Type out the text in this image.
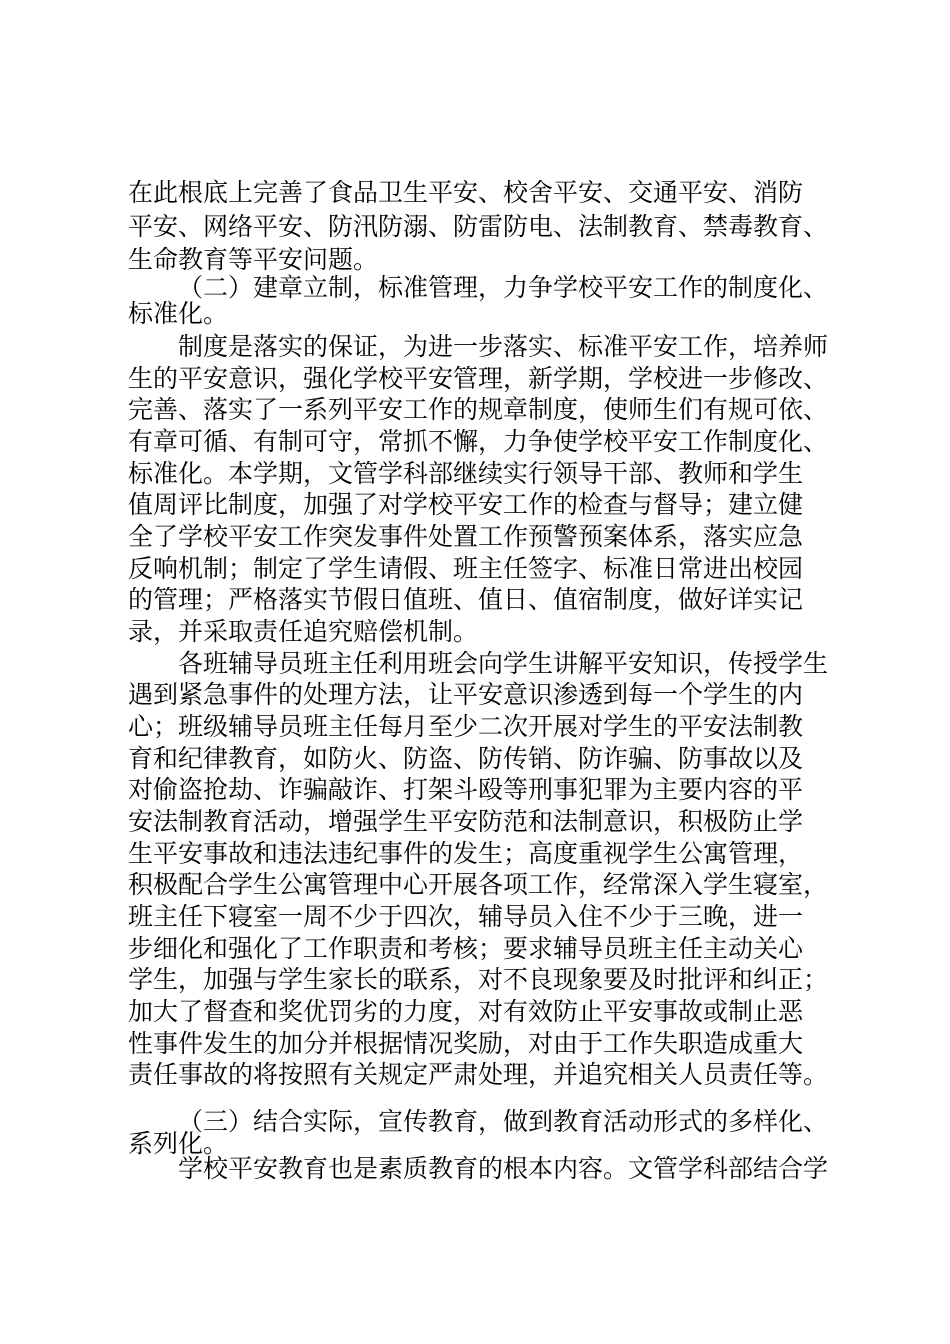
在此根底上完善了食品卫生平安、校舍平安、交通平安、消防
平安、网络平安、防汛防溺、防雷防电、法制教育、禁毒教育、
生命教育等平安问题。
（二）建章立制，标准管理，力争学校平安工作的制度化、
标准化。
制度是落实的保证，为进一步落实、标准平安工作，培养师
生的平安意识，强化学校平安管理，新学期，学校进一步修改、
完善、落实了一系列平安工作的规章制度，使师生们有规可依、
有章可循、有制可守，常抓不懈，力争使学校平安工作制度化、
标准化。本学期，文管学科部继续实行领导干部、教师和学生
值周评比制度，加强了对学校平安工作的检查与督导；建立健
全了学校平安工作突发事件处置工作预警预案体系，落实应急
反响机制；制定了学生请假、班主任签字、标准日常进出校园
的管理；严格落实节假日值班、值日、值宿制度，做好详实记
录，并采取责任追究赔偿机制。
各班辅导员班主任利用班会向学生讲解平安知识，传授学生
遇到紧急事件的处理方法，让平安意识渗透到每一个学生的内
心；班级辅导员班主任每月至少二次开展对学生的平安法制教
育和纪律教育，如防火、防盗、防传销、防诈骗、防事故以及
对偷盗抢劫、诈骗敲诈、打架斗殴等刑事犯罪为主要内容的平
安法制教育活动，增强学生平安防范和法制意识，积极防止学
生平安事故和违法违纪事件的发生；高度重视学生公寓管理，
积极配合学生公寓管理中心开展各项工作，经常深入学生寝室，
班主任下寝室一周不少于四次，辅导员入住不少于三晚，进一
步细化和强化了工作职责和考核；要求辅导员班主任主动关心
学生，加强与学生家长的联系，对不良现象要及时批评和纠正；
加大了督查和奖优罚劣的力度，对有效防止平安事故或制止恶
性事件发生的加分并根据情况奖励，对由于工作失职造成重大
责任事故的将按照有关规定严肃处理，并追究相关人员责任等。
（三）结合实际，宣传教育，做到教育活动形式的多样化、
系列化。
学校平安教育也是素质教育的根本内容。文管学科部结合学
